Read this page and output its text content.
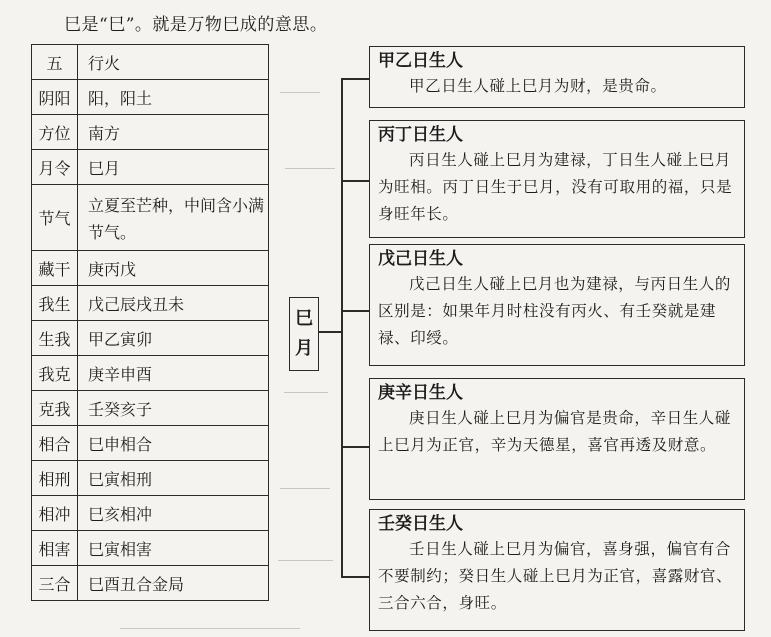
巳是“巳”。就是万物巳成的意思。
五	行火
阴阳	阳，阳土
方位	南方
月令	巳月
节气	立夏至芒种，中间含小满节气。
藏干	庚丙戊
我生	戊己辰戌丑未
生我	甲乙寅卯
我克	庚辛申酉
克我	壬癸亥子
相合	巳申相合
相刑	巳寅相刑
相冲	巳亥相冲
相害	巳寅相害
三合	巳酉丑合金局
巳
月
甲乙日生人
甲乙日生人碰上巳月为财，是贵命。
丙丁日生人
丙日生人碰上巳月为建禄，丁日生人碰上巳月为旺相。丙丁日生于巳月，没有可取用的福，只是身旺年长。
戊己日生人
戊己日生人碰上巳月也为建禄，与丙日生人的区别是：如果年月时柱没有丙火、有壬癸就是建禄、印绶。
庚辛日生人
庚日生人碰上巳月为偏官是贵命，辛日生人碰上巳月为正官，辛为天德星，喜官再透及财意。
壬癸日生人
壬日生人碰上巳月为偏官，喜身强，偏官有合不要制约；癸日生人碰上巳月为正官，喜露财官、三合六合，身旺。
